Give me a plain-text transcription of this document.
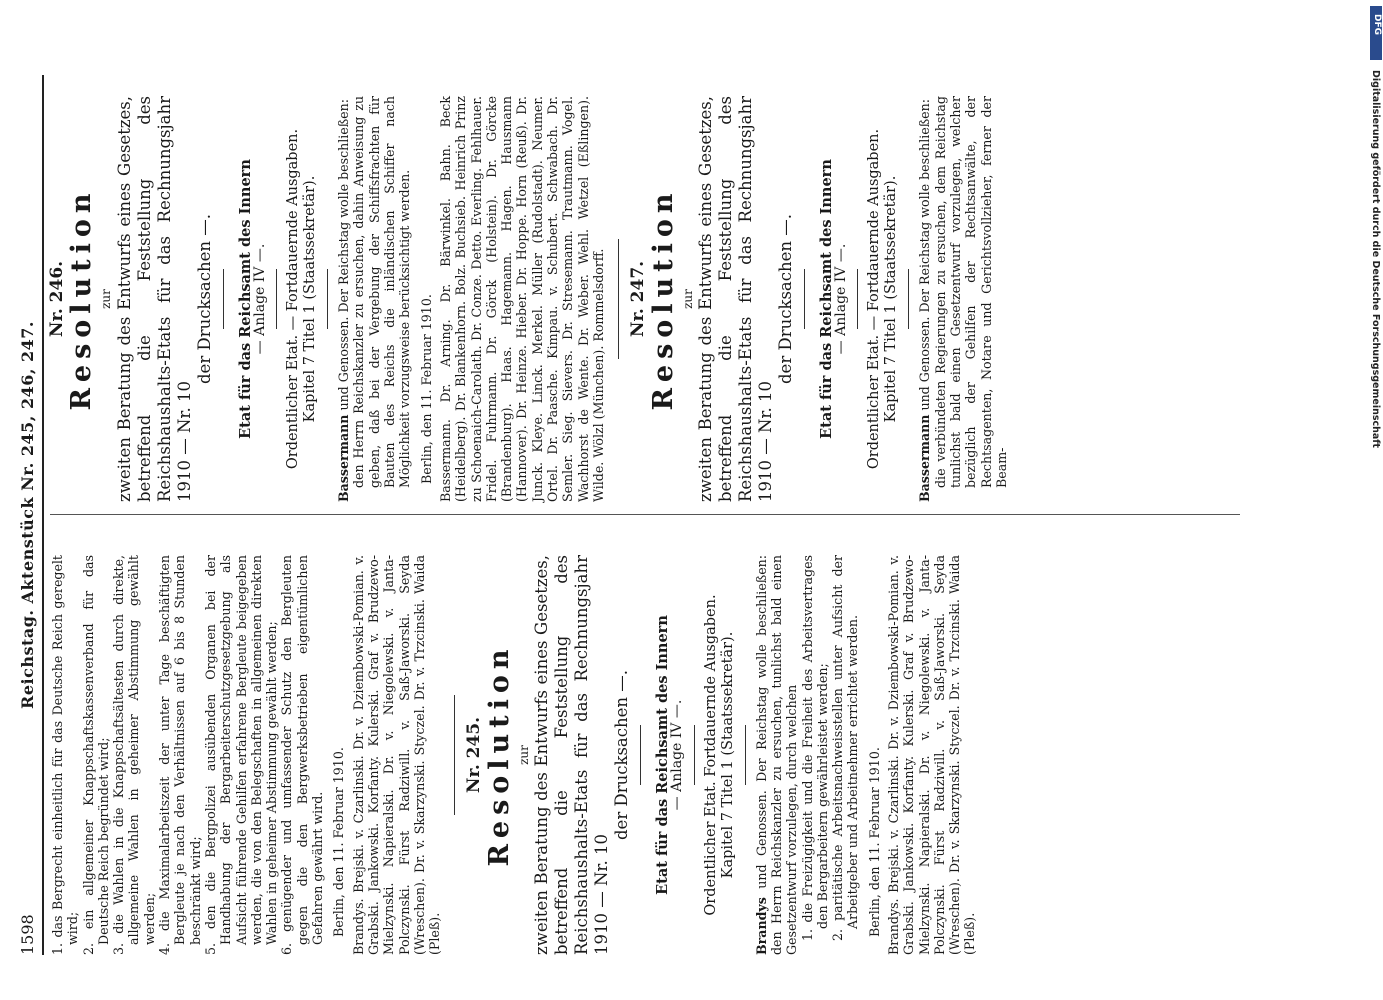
1598
Reichstag. Aktenstück Nr. 245, 246, 247.

1. das Bergrecht einheitlich für das Deutsche Reich geregelt wird; 2. ein allgemeiner Knappschaftskassenverband für das Deutsche Reich begründet wird; 3. die Wahlen in die Knappschaftsältesten durch direkte, allgemeine Wahlen in geheimer Abstimmung gewählt werden; 4. die Maximalarbeitszeit der unter Tage beschäftigten Bergleute je nach den Verhältnissen auf 6 bis 8 Stunden beschränkt wird; 5. den die Bergpolizei ausübenden Organen bei der Handhabung der Bergarbeiterschutzgesetzgebung als Aufsicht führende Gehilfen erfahrene Bergleute beigegeben werden, die von den Belegschaften in allgemeinen direkten Wahlen in geheimer Abstimmung gewählt werden; 6. genügender und umfassender Schutz den Bergleuten gegen die den Bergwerksbetrieben eigentümlichen Gefahren gewährt wird. Berlin, den 11. Februar 1910. Brandys. Brejski. v. Czarlinski. Dr. v. Dziembowski-Pomian. v. Grabski. Jankowski. Korfanty. Kulerski. Graf v. Brudzewo-Mielzynski. Napieralski. Dr. v. Niegolewski. v. Janta-Polczynski. Fürst Radziwill. v. Saß-Jaworski. Seyda (Wreschen). Dr. v. Skarzynski. Styczel. Dr. v. Trzcinski. Waida (Pleß).

Nr. 245. Resolution zur zweiten Beratung des Entwurfs eines Gesetzes, betreffend die Feststellung des Reichshaushalts-Etats für das Rechnungsjahr 1910 — Nr. 10

der Drucksachen —. Etat für das Reichsamt des Innern

— Anlage IV —. Ordentlicher Etat. Fortdauernde Ausgaben. Kapitel 7 Titel 1 (Staatssekretär).

Brandys und Genossen. Der Reichstag wolle beschließen: den Herrn Reichskanzler zu ersuchen, tunlichst bald einen Gesetzentwurf vorzulegen, durch welchen 1. die Freizügigkeit und die Freiheit des Arbeitsvertrages den Bergarbeitern gewährleistet werden; 2. paritätische Arbeitsnachweisstellen unter Aufsicht der Arbeitgeber und Arbeitnehmer errichtet werden. Berlin, den 11. Februar 1910. Brandys. Brejski. v. Czarlinski. Dr. v. Dziembowski-Pomian. v. Grabski. Jankowski. Korfanty. Kulerski. Graf v. Brudzewo-Mielzynski. Napieralski. Dr. v. Niegolewski. v. Janta-Polczynski. Fürst Radziwill. v. Saß-Jaworski. Seyda (Wreschen). Dr. v. Skarzynski. Styczel. Dr. v. Trzcinski. Waida (Pleß).

Nr. 246. Resolution zur zweiten Beratung des Entwurfs eines Gesetzes, betreffend die Feststellung des Reichshaushalts-Etats für das Rechnungsjahr 1910 — Nr. 10

der Drucksachen —. Etat für das Reichsamt des Innern

— Anlage IV —. Ordentlicher Etat. — Fortdauernde Ausgaben. Kapitel 7 Titel 1 (Staatssekretär).

Bassermann und Genossen. Der Reichstag wolle beschließen: den Herrn Reichskanzler zu ersuchen, dahin Anweisung zu geben, daß bei der Vergebung der Schiffsfrachten für Bauten des Reichs die inländischen Schiffer nach Möglichkeit vorzugsweise berücksichtigt werden. Berlin, den 11. Februar 1910. Bassermann. Dr. Arning. Dr. Bärwinkel. Bahn. Beck (Heidelberg). Dr. Blankenhorn. Bolz. Buchsieb. Heinrich Prinz zu Schoenaich-Carolath. Dr. Conze. Detto. Everling. Fehlhauer. Fridel. Fuhrmann. Dr. Görck (Holstein). Dr. Görcke (Brandenburg). Haas. Hagemann. Hagen. Hausmann (Hannover). Dr. Heinze. Hieber. Dr. Hoppe. Horn (Reuß). Dr. Junck. Kleye. Linck. Merkel. Müller (Rudolstadt). Neumer. Ortel. Dr. Paasche. Kimpau. v. Schubert. Schwabach. Dr. Semler. Sieg. Sievers. Dr. Stresemann. Trautmann. Vogel. Wachhorst de Wente. Dr. Weber. Wehl. Wetzel (Eßlingen). Wilde. Wölzl (München). Rommelsdorff. Nr. 247. Resolution zur zweiten Beratung des Entwurfs eines Gesetzes, betreffend die Feststellung des Reichshaushalts-Etats für das Rechnungsjahr 1910 — Nr. 10

der Drucksachen —. Etat für das Reichsamt des Innern

— Anlage IV —. Ordentlicher Etat. — Fortdauernde Ausgaben. Kapitel 7 Titel 1 (Staatssekretär).

Bassermann und Genossen. Der Reichstag wolle beschließen: die verbündeten Regierungen zu ersuchen, dem Reichstag tunlichst bald einen Gesetzentwurf vorzulegen, welcher bezüglich der Gehilfen der Rechtsanwälte, der Rechtsagenten, Notare und Gerichtsvollzieher, ferner der Beam-

DFG
Digitalisierung gefördert durch die Deutsche Forschungsgemeinschaft
